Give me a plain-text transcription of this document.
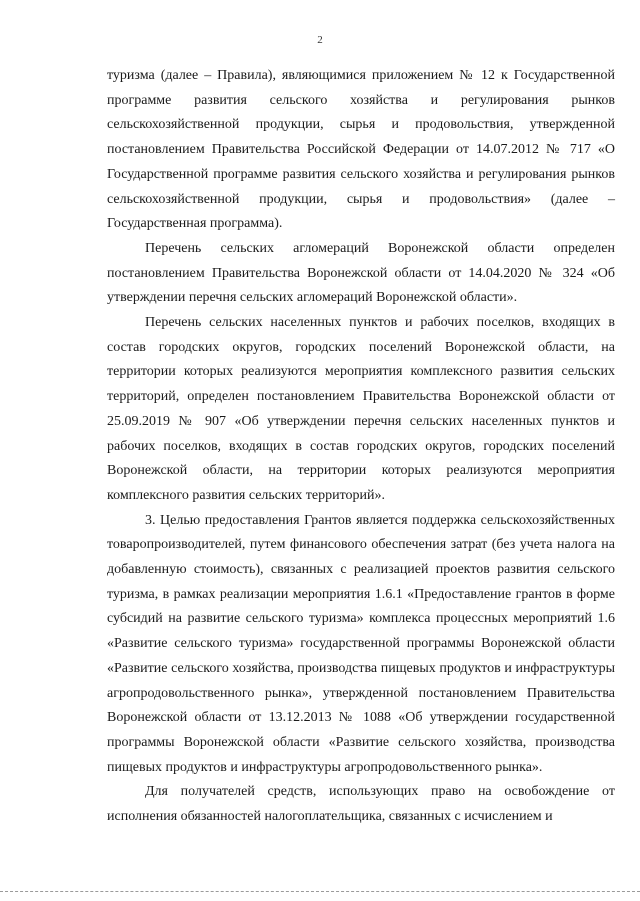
2

туризма (далее – Правила), являющимися приложением № 12 к Государственной программе развития сельского хозяйства и регулирования рынков сельскохозяйственной продукции, сырья и продовольствия, утвержденной постановлением Правительства Российской Федерации от 14.07.2012 № 717 «О Государственной программе развития сельского хозяйства и регулирования рынков сельскохозяйственной продукции, сырья и продовольствия» (далее – Государственная программа).

Перечень сельских агломераций Воронежской области определен постановлением Правительства Воронежской области от 14.04.2020 № 324 «Об утверждении перечня сельских агломераций Воронежской области».

Перечень сельских населенных пунктов и рабочих поселков, входящих в состав городских округов, городских поселений Воронежской области, на территории которых реализуются мероприятия комплексного развития сельских территорий, определен постановлением Правительства Воронежской области от 25.09.2019 № 907 «Об утверждении перечня сельских населенных пунктов и рабочих поселков, входящих в состав городских округов, городских поселений Воронежской области, на территории которых реализуются мероприятия комплексного развития сельских территорий».

3. Целью предоставления Грантов является поддержка сельскохозяйственных товаропроизводителей, путем финансового обеспечения затрат (без учета налога на добавленную стоимость), связанных с реализацией проектов развития сельского туризма, в рамках реализации мероприятия 1.6.1 «Предоставление грантов в форме субсидий на развитие сельского туризма» комплекса процессных мероприятий 1.6 «Развитие сельского туризма» государственной программы Воронежской области «Развитие сельского хозяйства, производства пищевых продуктов и инфраструктуры агропродовольственного рынка», утвержденной постановлением Правительства Воронежской области от 13.12.2013 № 1088 «Об утверждении государственной программы Воронежской области «Развитие сельского хозяйства, производства пищевых продуктов и инфраструктуры агропродовольственного рынка».

Для получателей средств, использующих право на освобождение от исполнения обязанностей налогоплательщика, связанных с исчислением и
